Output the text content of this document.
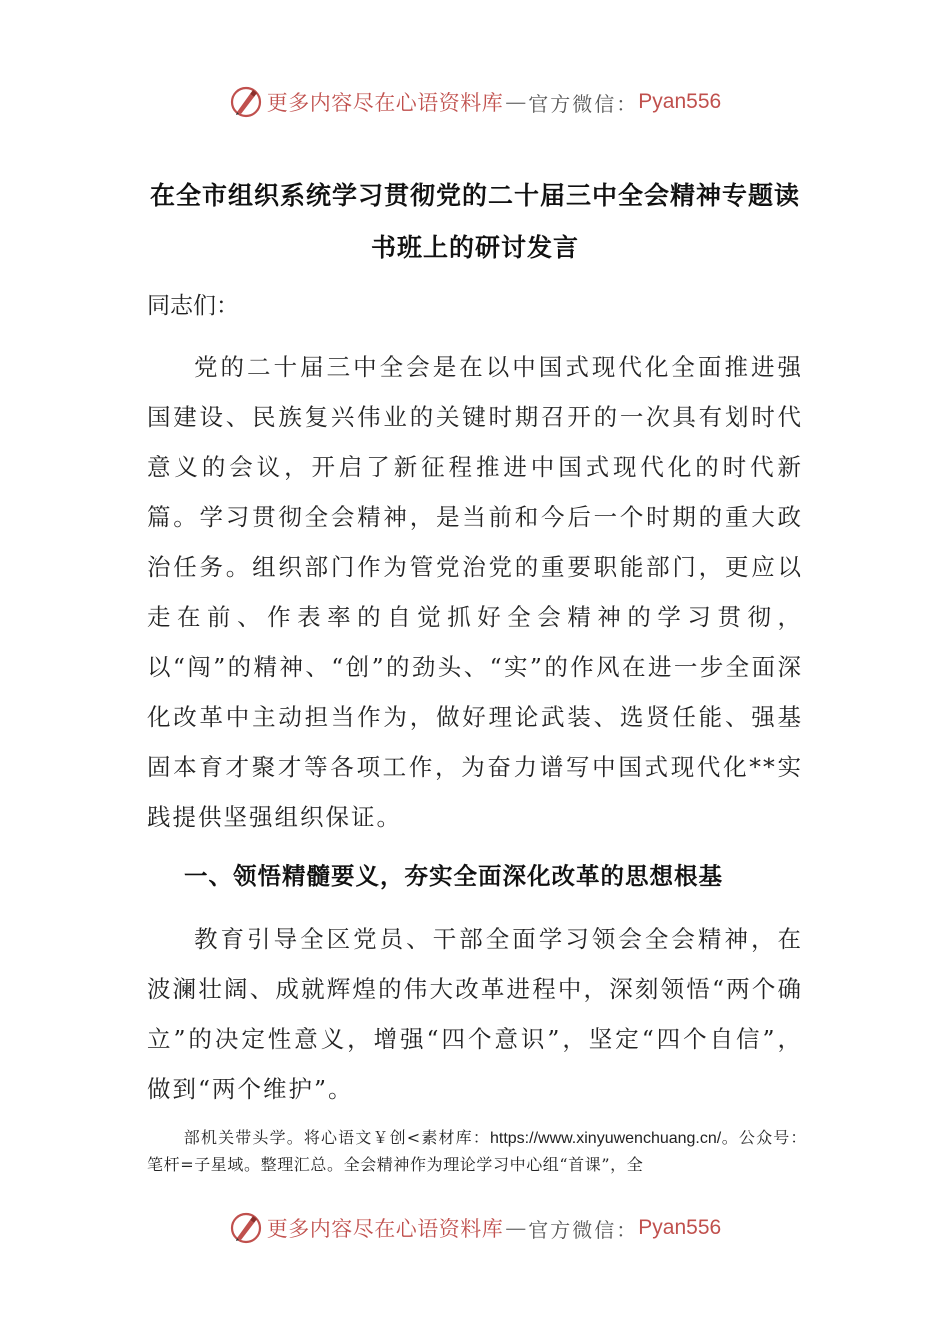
更多内容尽在心语资料库 — 官方微信： Pyan556
在全市组织系统学习贯彻党的二十届三中全会精神专题读
书班上的研讨发言
同志们：

党的二十届三中全会是在以中国式现代化全面推进强国建设、民族复兴伟业的关键时期召开的一次具有划时代意义的会议，开启了新征程推进中国式现代化的时代新篇。学习贯彻全会精神，是当前和今后一个时期的重大政治任务。组织部门作为管党治党的重要职能部门，更应以走在前、作表率的自觉抓好全会精神的学习贯彻，以“闯”的精神、“创”的劲头、“实”的作风在进一步全面深化改革中主动担当作为，做好理论武装、选贤任能、强基固本育才聚才等各项工作，为奋力谱写中国式现代化**实践提供坚强组织保证。

一、领悟精髓要义，夯实全面深化改革的思想根基

教育引导全区党员、干部全面学习领会全会精神，在波澜壮阔、成就辉煌的伟大改革进程中，深刻领悟“两个确立”的决定性意义，增强“四个意识”，坚定“四个自信”，做到“两个维护”。

部机关带头学。将心语文￥创<素材库：https://www.xinyuwenchuang.cn/。公众号：笔杆=子星域。整理汇总。全会精神作为理论学习中心组“首课”，全

更多内容尽在心语资料库 — 官方微信： Pyan556
